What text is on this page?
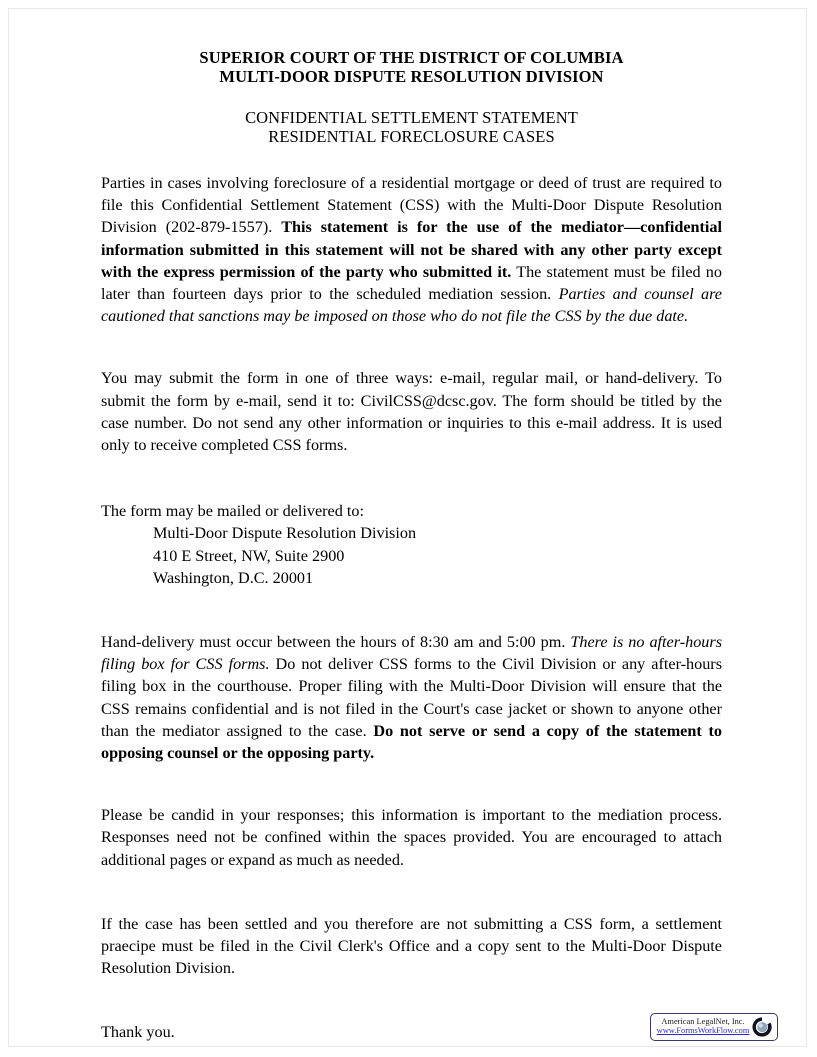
SUPERIOR COURT OF THE DISTRICT OF COLUMBIA
MULTI-DOOR DISPUTE RESOLUTION DIVISION
CONFIDENTIAL SETTLEMENT STATEMENT
RESIDENTIAL FORECLOSURE CASES

Parties in cases involving foreclosure of a residential mortgage or deed of trust are required to file this Confidential Settlement Statement (CSS) with the Multi-Door Dispute Resolution Division (202-879-1557). This statement is for the use of the mediator—confidential information submitted in this statement will not be shared with any other party except with the express permission of the party who submitted it. The statement must be filed no later than fourteen days prior to the scheduled mediation session. Parties and counsel are cautioned that sanctions may be imposed on those who do not file the CSS by the due date.

You may submit the form in one of three ways: e-mail, regular mail, or hand-delivery. To submit the form by e-mail, send it to: CivilCSS@dcsc.gov. The form should be titled by the case number. Do not send any other information or inquiries to this e-mail address. It is used only to receive completed CSS forms.

The form may be mailed or delivered to:

Multi-Door Dispute Resolution Division
410 E Street, NW, Suite 2900
Washington, D.C. 20001

Hand-delivery must occur between the hours of 8:30 am and 5:00 pm. There is no after-hours filing box for CSS forms. Do not deliver CSS forms to the Civil Division or any after-hours filing box in the courthouse. Proper filing with the Multi-Door Division will ensure that the CSS remains confidential and is not filed in the Court's case jacket or shown to anyone other than the mediator assigned to the case. Do not serve or send a copy of the statement to opposing counsel or the opposing party.

Please be candid in your responses; this information is important to the mediation process. Responses need not be confined within the spaces provided. You are encouraged to attach additional pages or expand as much as needed.

If the case has been settled and you therefore are not submitting a CSS form, a settlement praecipe must be filed in the Civil Clerk's Office and a copy sent to the Multi-Door Dispute Resolution Division.

Thank you.

American LegalNet, Inc.
www.FormsWorkFlow.com
